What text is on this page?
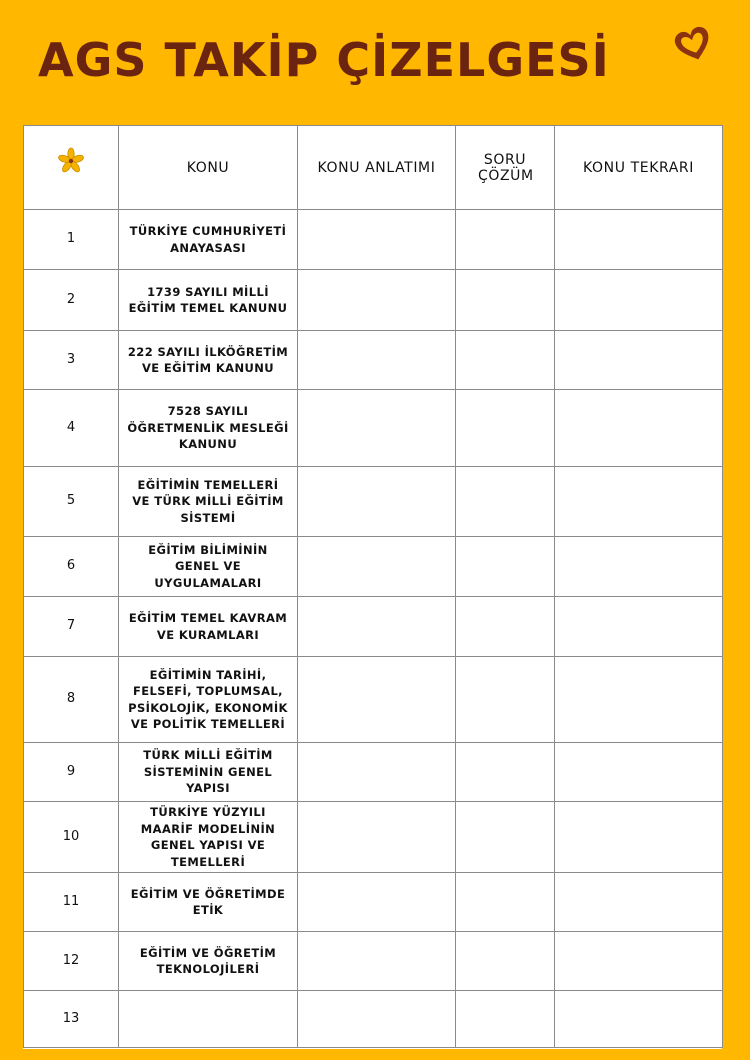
AGS TAKİP ÇİZELGESİ
	KONU	KONU ANLATIMI	SORU ÇÖZÜM	KONU TEKRARI
1	TÜRKİYE CUMHURİYETİ ANAYASASI			
2	1739 SAYILI MİLLİ EĞİTİM TEMEL KANUNU			
3	222 SAYILI İLKÖĞRETİM VE EĞİTİM KANUNU			
4	7528 SAYILI ÖĞRETMENLİK MESLEĞİ KANUNU			
5	EĞİTİMİN TEMELLERİ VE TÜRK MİLLİ EĞİTİM SİSTEMİ			
6	EĞİTİM BİLİMİNİN GENEL VE UYGULAMALARI			
7	EĞİTİM TEMEL KAVRAM VE KURAMLARI			
8	EĞİTİMİN TARİHİ, FELSEFİ, TOPLUMSAL, PSİKOLOJİK, EKONOMİK VE POLİTİK TEMELLERİ			
9	TÜRK MİLLİ EĞİTİM SİSTEMİNİN GENEL YAPISI			
10	TÜRKİYE YÜZYILI MAARİF MODELİNİN GENEL YAPISI VE TEMELLERİ			
11	EĞİTİM VE ÖĞRETİMDE ETİK			
12	EĞİTİM VE ÖĞRETİM TEKNOLOJİLERİ			
13				
